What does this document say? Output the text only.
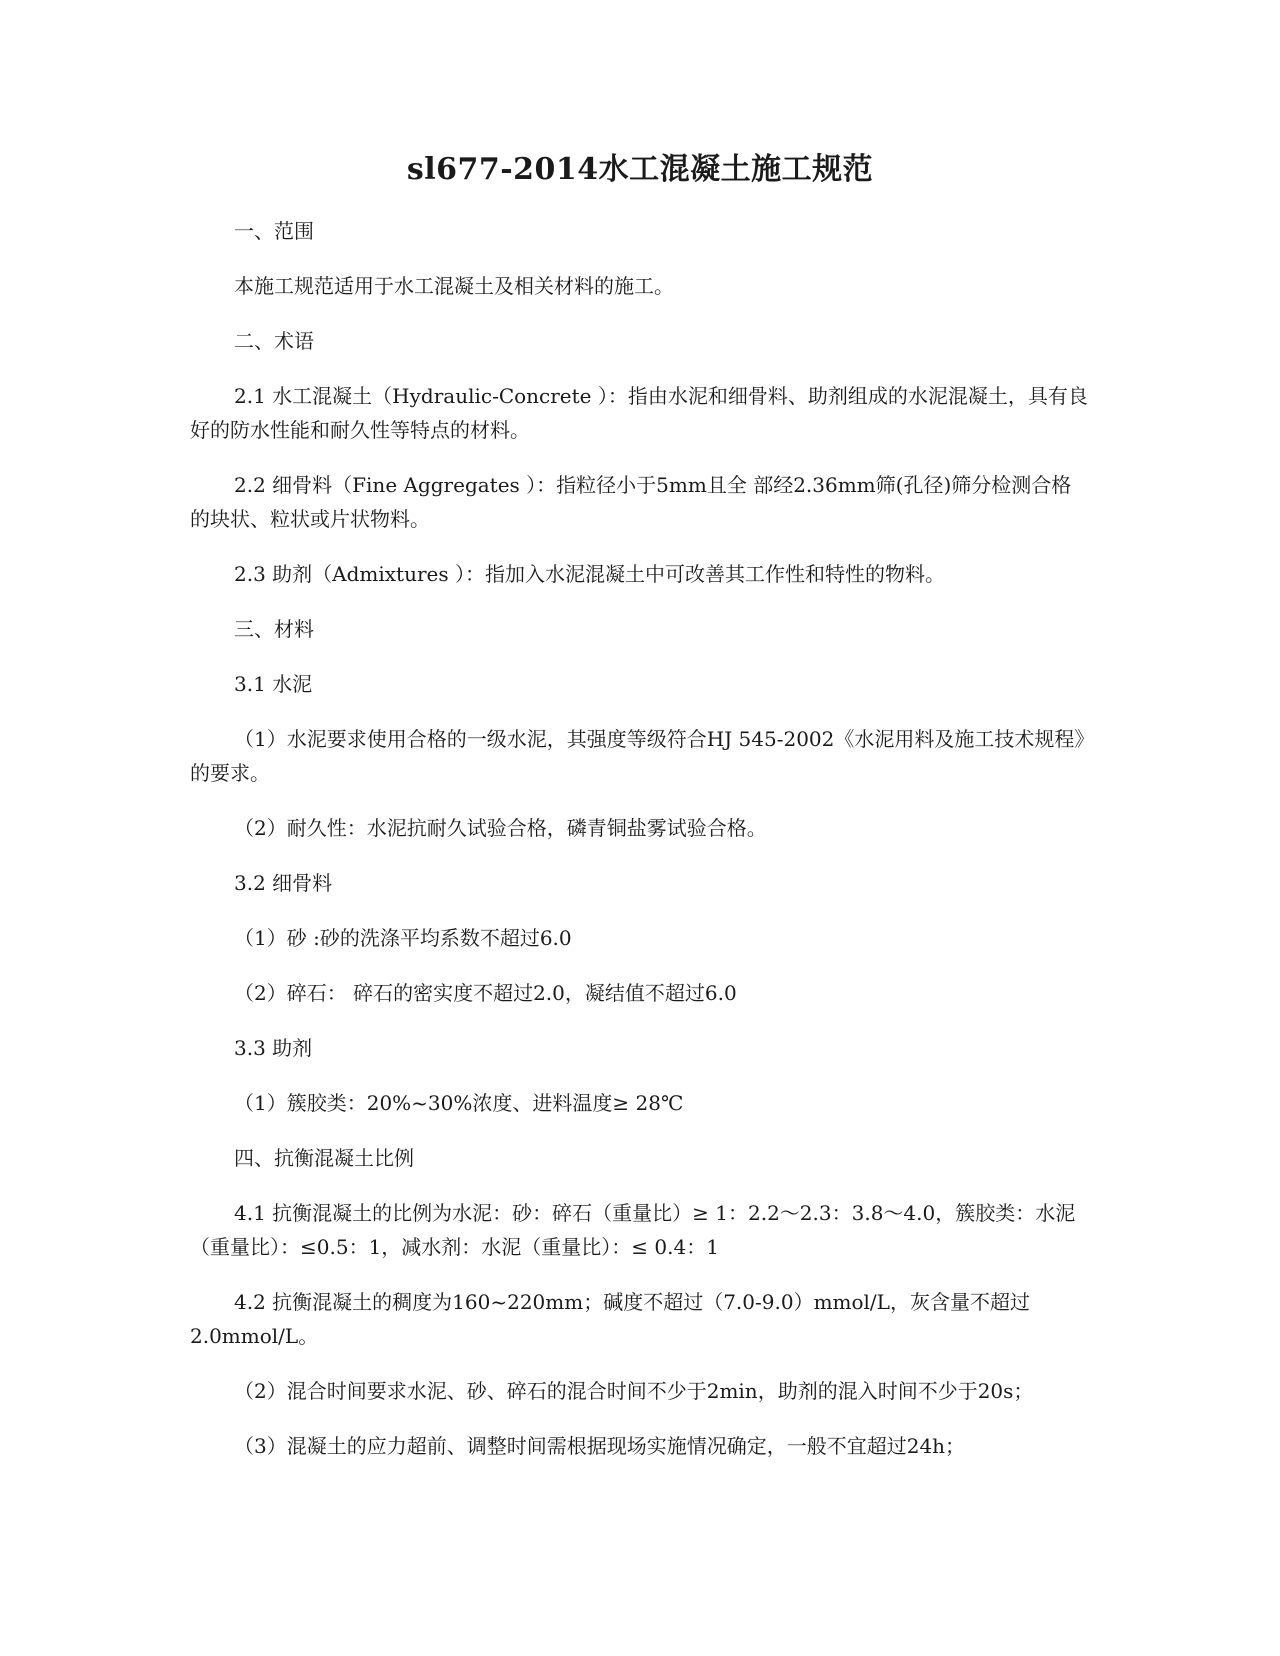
sl677-2014水工混凝土施工规范

一、范围

本施工规范适用于水工混凝土及相关材料的施工。

二、术语

2.1 水工混凝土（Hydraulic-Concrete ）：指由水泥和细骨料、助剂组成的水泥混凝土，具有良好的防水性能和耐久性等特点的材料。

2.2 细骨料（Fine Aggregates ）：指粒径小于5mm且全 部经2.36mm筛(孔径)筛分检测合格的块状、粒状或片状物料。

2.3 助剂（Admixtures ）：指加入水泥混凝土中可改善其工作性和特性的物料。

三、材料

3.1 水泥

（1）水泥要求使用合格的一级水泥，其强度等级符合HJ 545-2002《水泥用料及施工技术规程》的要求。

（2）耐久性：水泥抗耐久试验合格，磷青铜盐雾试验合格。

3.2 细骨料

（1）砂 :砂的洗涤平均系数不超过6.0

（2）碎石： 碎石的密实度不超过2.0，凝结值不超过6.0

3.3 助剂

（1）簇胶类：20%~30%浓度、进料温度≥ 28℃

四、抗衡混凝土比例

4.1 抗衡混凝土的比例为水泥：砂：碎石（重量比）≥ 1：2.2～2.3：3.8～4.0，簇胶类：水泥（重量比）：≤0.5：1，减水剂：水泥（重量比）：≤ 0.4：1

4.2 抗衡混凝土的稠度为160~220mm；碱度不超过（7.0-9.0）mmol/L，灰含量不超过2.0mmol/L。

（2）混合时间要求水泥、砂、碎石的混合时间不少于2min，助剂的混入时间不少于20s；

（3）混凝土的应力超前、调整时间需根据现场实施情况确定，一般不宜超过24h；
